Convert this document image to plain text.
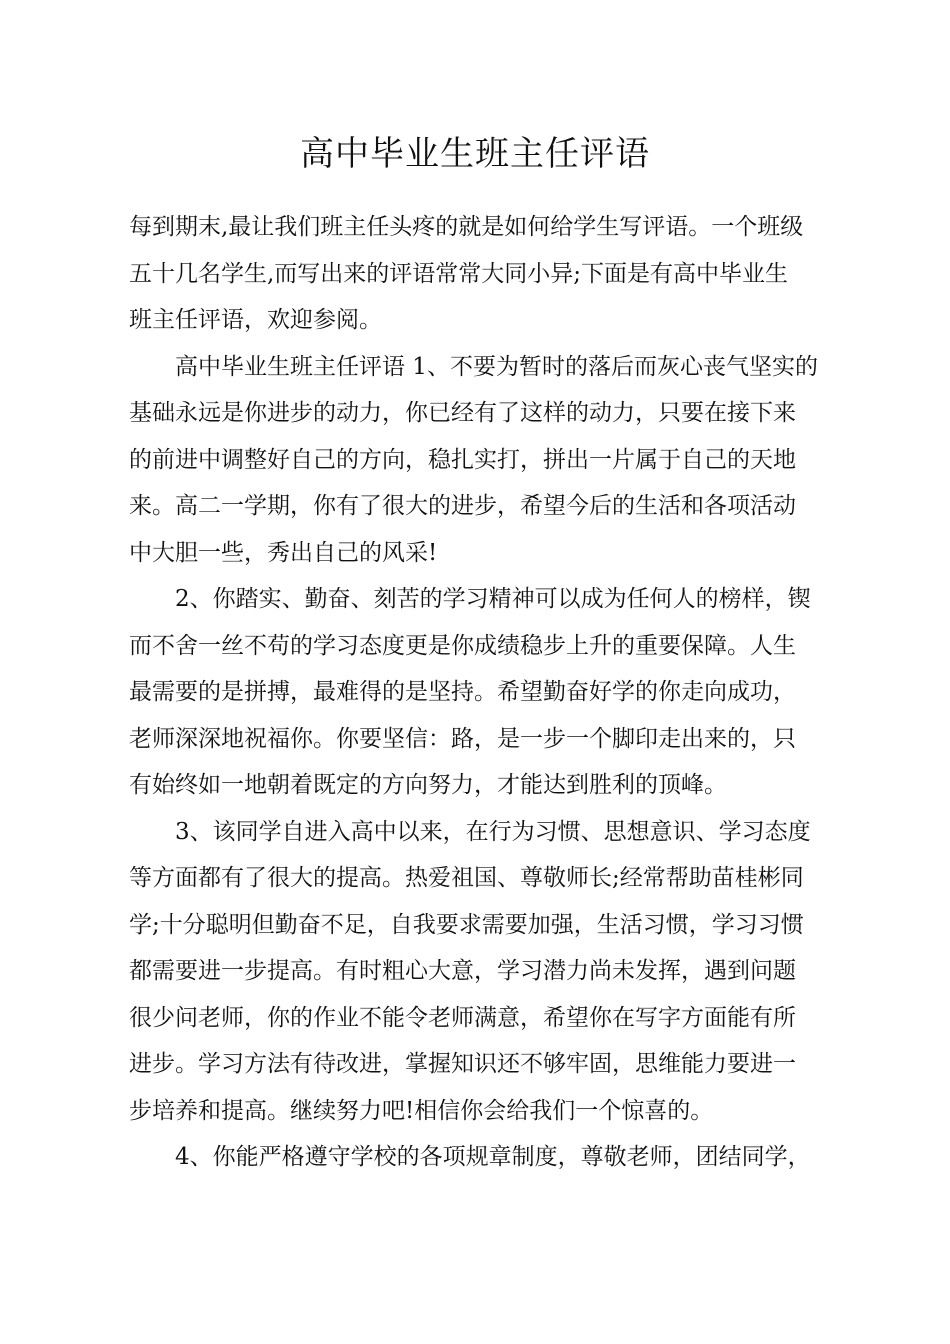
高中毕业生班主任评语
每到期末,最让我们班主任头疼的就是如何给学生写评语。一个班级
五十几名学生,而写出来的评语常常大同小异;下面是有高中毕业生
班主任评语，欢迎参阅。
　　高中毕业生班主任评语 1、不要为暂时的落后而灰心丧气坚实的
基础永远是你进步的动力，你已经有了这样的动力，只要在接下来
的前进中调整好自己的方向，稳扎实打，拼出一片属于自己的天地
来。高二一学期，你有了很大的进步，希望今后的生活和各项活动
中大胆一些，秀出自己的风采!
　　2、你踏实、勤奋、刻苦的学习精神可以成为任何人的榜样，锲
而不舍一丝不苟的学习态度更是你成绩稳步上升的重要保障。人生
最需要的是拼搏，最难得的是坚持。希望勤奋好学的你走向成功，
老师深深地祝福你。你要坚信：路，是一步一个脚印走出来的，只
有始终如一地朝着既定的方向努力，才能达到胜利的顶峰。
　　3、该同学自进入高中以来，在行为习惯、思想意识、学习态度
等方面都有了很大的提高。热爱祖国、尊敬师长;经常帮助苗桂彬同
学;十分聪明但勤奋不足，自我要求需要加强，生活习惯，学习习惯
都需要进一步提高。有时粗心大意，学习潜力尚未发挥，遇到问题
很少问老师，你的作业不能令老师满意，希望你在写字方面能有所
进步。学习方法有待改进，掌握知识还不够牢固，思维能力要进一
步培养和提高。继续努力吧!相信你会给我们一个惊喜的。
　　4、你能严格遵守学校的各项规章制度，尊敬老师，团结同学，
